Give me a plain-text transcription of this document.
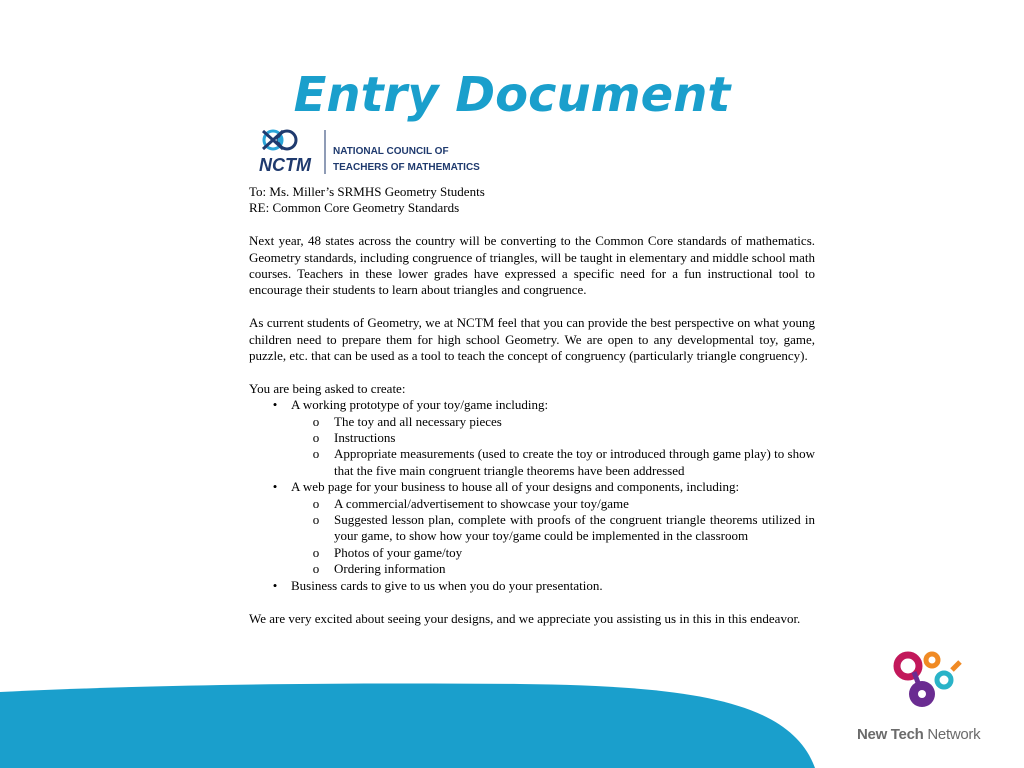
Entry Document
NCTM
NATIONAL COUNCIL OF
TEACHERS OF MATHEMATICS

To: Ms. Miller’s SRMHS Geometry Students

RE: Common Core Geometry Standards

Next year, 48 states across the country will be converting to the Common Core standards of mathematics. Geometry standards, including congruence of triangles, will be taught in elementary and middle school math courses. Teachers in these lower grades have expressed a specific need for a fun instructional tool to encourage their students to learn about triangles and congruence.

As current students of Geometry, we at NCTM feel that you can provide the best perspective on what young children need to prepare them for high school Geometry. We are open to any developmental toy, game, puzzle, etc. that can be used as a tool to teach the concept of congruency (particularly triangle congruency).

You are being asked to create:

• A working prototype of your toy/game including:
o The toy and all necessary pieces
o Instructions
o Appropriate measurements (used to create the toy or introduced through game play) to show that the five main congruent triangle theorems have been addressed
• A web page for your business to house all of your designs and components, including:
o A commercial/advertisement to showcase your toy/game
o Suggested lesson plan, complete with proofs of the congruent triangle theorems utilized in your game, to show how your toy/game could be implemented in the classroom
o Photos of your game/toy
o Ordering information
• Business cards to give to us when you do your presentation.

We are very excited about seeing your designs, and we appreciate you assisting us in this in this endeavor.

New Tech Network
